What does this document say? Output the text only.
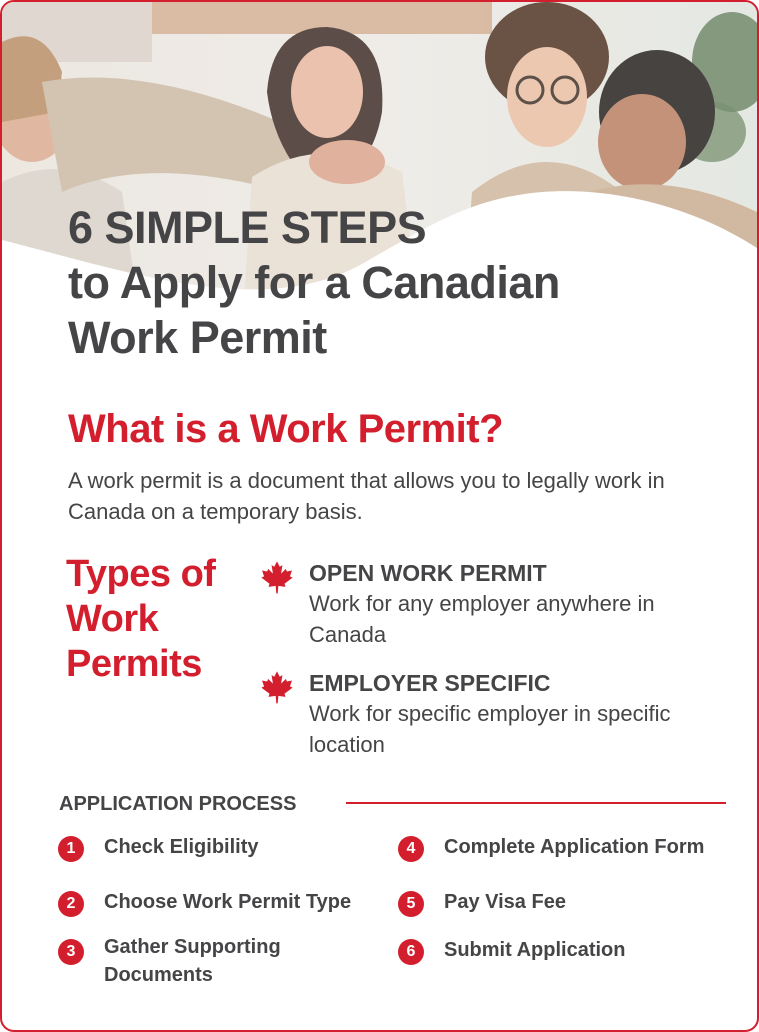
6 SIMPLE STEPS
to Apply for a Canadian
Work Permit
What is a Work Permit?

A work permit is a document that allows you to legally work in Canada on a temporary basis.

Types of Work Permits

OPEN WORK PERMIT

Work for any employer anywhere in Canada

EMPLOYER SPECIFIC

Work for specific employer in specific location

APPLICATION PROCESS
1	Check Eligibility

2	Choose Work Permit Type

3	Gather Supporting Documents

4	Complete Application Form

5	Pay Visa Fee

6	Submit Application
